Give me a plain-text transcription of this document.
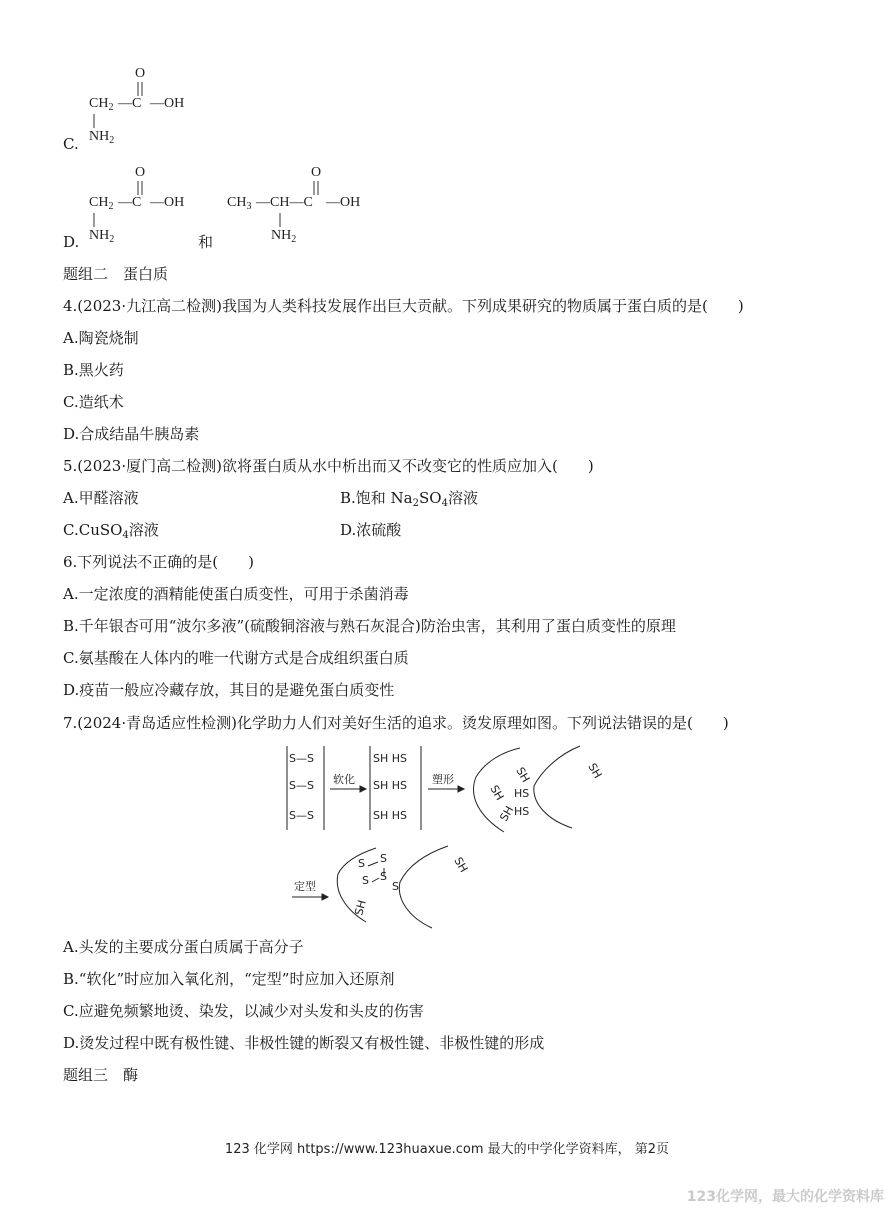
O
$CH_2$ —C —OH
$NH_2$
C.
O
$CH_2$ —C —OH
$NH_2$
D.	和
O
$CH_3$ —CH—C —OH
$NH_2$
题组二　蛋白质
4.(2023·九江高二检测)我国为人类科技发展作出巨大贡献。下列成果研究的物质属于蛋白质的是(　　)
A.陶瓷烧制
B.黑火药
C.造纸术
D.合成结晶牛胰岛素
5.(2023·厦门高二检测)欲将蛋白质从水中析出而又不改变它的性质应加入(　　)
A.甲醛溶液	B.饱和 $Na_2SO_4$溶液
C.CuSO$_4$溶液	D.浓硫酸
6.下列说法不正确的是(　　)
A.一定浓度的酒精能使蛋白质变性，可用于杀菌消毒
B.千年银杏可用“波尔多液”(硫酸铜溶液与熟石灰混合)防治虫害，其利用了蛋白质变性的原理
C.氨基酸在人体内的唯一代谢方式是合成组织蛋白质
D.疫苗一般应冷藏存放，其目的是避免蛋白质变性
7.(2024·青岛适应性检测)化学助力人们对美好生活的追求。烫发原理如图。下列说法错误的是(　　)
S—S
S—S
S—S
软化
SH HS
SH HS
SH HS
塑形	SH
SH
SH
HS
HS
SH
定型
S S
S S
S
SH
SH
A.头发的主要成分蛋白质属于高分子
B.“软化”时应加入氧化剂，“定型”时应加入还原剂
C.应避免频繁地烫、染发，以减少对头发和头皮的伤害
D.烫发过程中既有极性键、非极性键的断裂又有极性键、非极性键的形成
题组三　酶
123 化学网 https://www.123huaxue.com 最大的中学化学资料库， 第2页
123化学网，最大的化学资料库
